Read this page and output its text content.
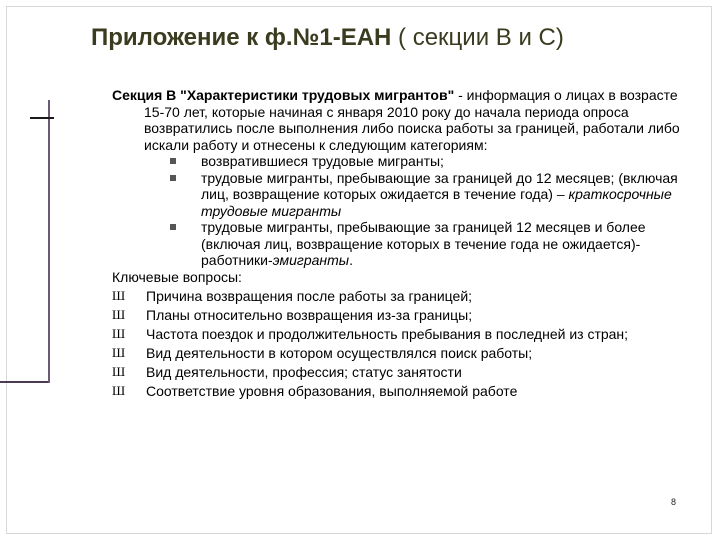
Приложение к ф.№1-ЕАН ( секции В и С)

Секция В "Характеристики трудовых мигрантов" - информация о лицах в возрасте 15-70 лет, которые начиная с января 2010 року до начала периода опроса возвратились после выполнения либо поиска работы за границей, работали либо искали работу и отнесены к следующим категориям:

возвратившиеся трудовые мигранты;

трудовые мигранты, пребывающие за границей до 12 месяцев; (включая лиц, возвращение которых ожидается в течение года) – краткосрочные трудовые мигранты

трудовые мигранты, пребывающие за границей 12 месяцев и более (включая лиц, возвращение которых в течение года не ожидается)- работники-эмигранты.

Ключевые вопросы:

Ш Причина возвращения после работы за границей;

Ш Планы относительно возвращения из-за границы;

Ш Частота поездок и продолжительность пребывания в последней из стран;

Ш Вид деятельности в котором осуществлялся поиск работы;

Ш Вид деятельности, профессия; статус занятости

Ш Соответствие уровня образования, выполняемой работе

8
